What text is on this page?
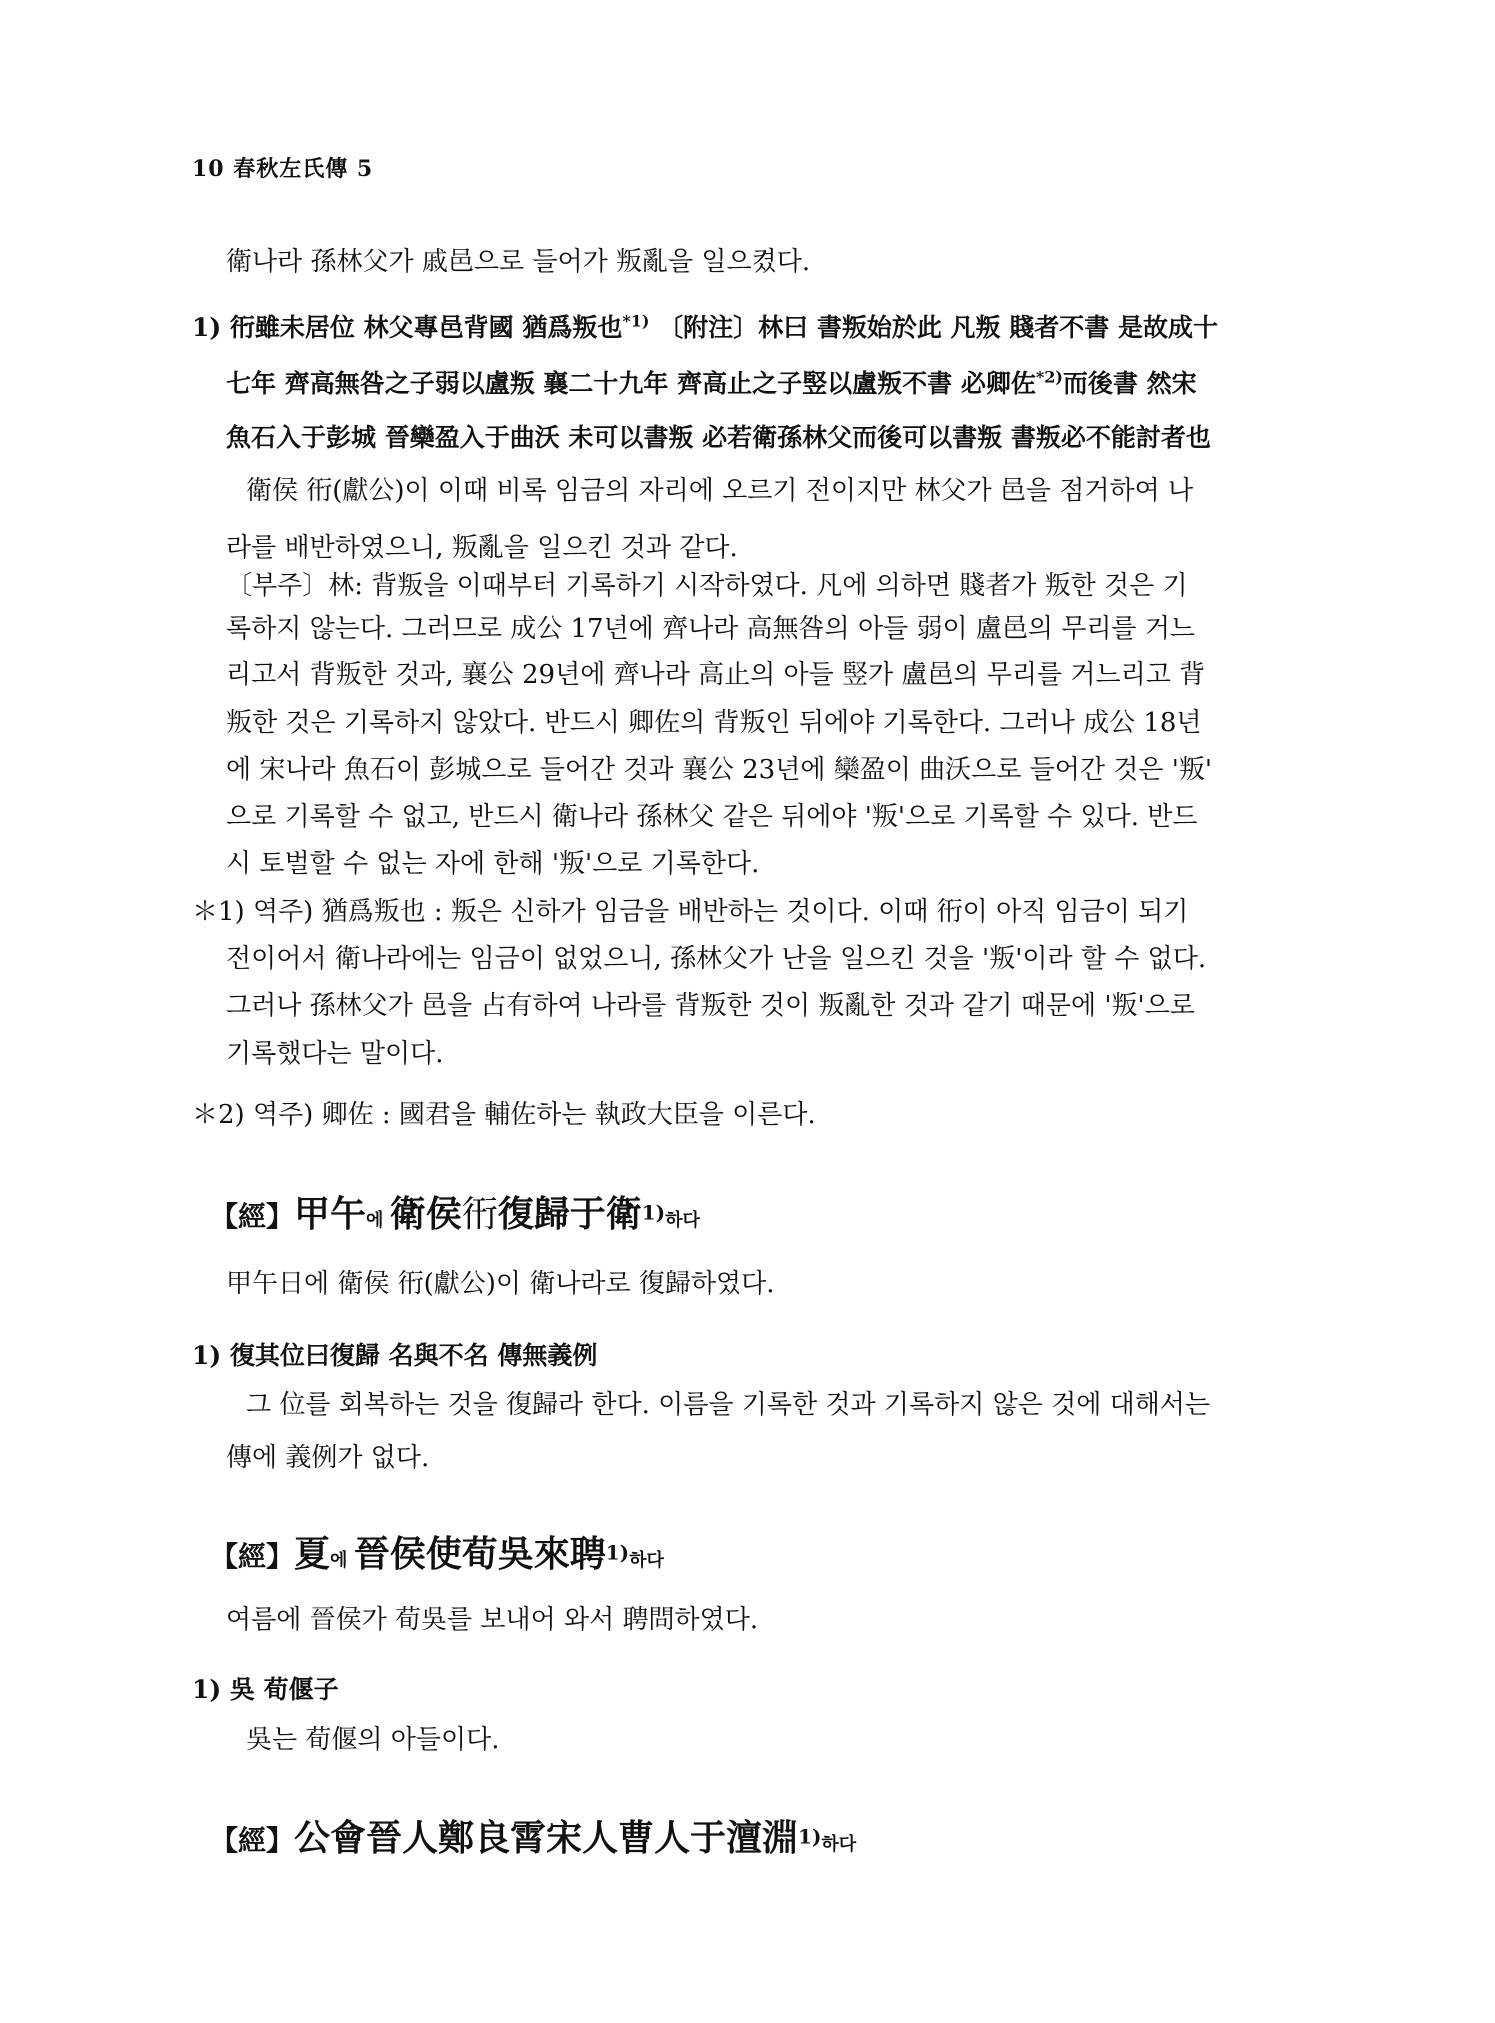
10 春秋左氏傳 5
衛나라 孫林父가 戚邑으로 들어가 叛亂을 일으켰다.
1) 衎雖未居位 林父專邑背國 猶爲叛也$^{*1)}$ 〔附注〕林曰 書叛始於此 凡叛 賤者不書 是故成十
七年 齊高無咎之子弱以盧叛 襄二十九年 齊高止之子竪以盧叛不書 必卿佐$^{*2)}$而後書 然宋
魚石入于彭城 晉欒盈入于曲沃 未可以書叛 必若衛孫林父而後可以書叛 書叛必不能討者也
衛侯 衎(獻公)이 이때 비록 임금의 자리에 오르기 전이지만 林父가 邑을 점거하여 나
라를 배반하였으니, 叛亂을 일으킨 것과 같다.
〔부주〕林: 背叛을 이때부터 기록하기 시작하였다. 凡에 의하면 賤者가 叛한 것은 기
록하지 않는다. 그러므로 成公 17년에 齊나라 高無咎의 아들 弱이 盧邑의 무리를 거느
리고서 背叛한 것과, 襄公 29년에 齊나라 高止의 아들 竪가 盧邑의 무리를 거느리고 背
叛한 것은 기록하지 않았다. 반드시 卿佐의 背叛인 뒤에야 기록한다. 그러나 成公 18년
에 宋나라 魚石이 彭城으로 들어간 것과 襄公 23년에 欒盈이 曲沃으로 들어간 것은 '叛'
으로 기록할 수 없고, 반드시 衛나라 孫林父 같은 뒤에야 '叛'으로 기록할 수 있다. 반드
시 토벌할 수 없는 자에 한해 '叛'으로 기록한다.
＊1) 역주) 猶爲叛也 : 叛은 신하가 임금을 배반하는 것이다. 이때 衎이 아직 임금이 되기
전이어서 衛나라에는 임금이 없었으니, 孫林父가 난을 일으킨 것을 '叛'이라 할 수 없다.
그러나 孫林父가 邑을 占有하여 나라를 背叛한 것이 叛亂한 것과 같기 때문에 '叛'으로
기록했다는 말이다.
＊2) 역주) 卿佐 : 國君을 輔佐하는 執政大臣을 이른다.
【經】甲午에 衛侯衎復歸于衛1)하다
甲午日에 衛侯 衎(獻公)이 衛나라로 復歸하였다.
1) 復其位曰復歸 名與不名 傳無義例
그 位를 회복하는 것을 復歸라 한다. 이름을 기록한 것과 기록하지 않은 것에 대해서는
傳에 義例가 없다.
【經】夏에 晉侯使荀吳來聘1)하다
여름에 晉侯가 荀吳를 보내어 와서 聘問하였다.
1) 吳 荀偃子
吳는 荀偃의 아들이다.
【經】公會晉人鄭良霄宋人曹人于澶淵1)하다
